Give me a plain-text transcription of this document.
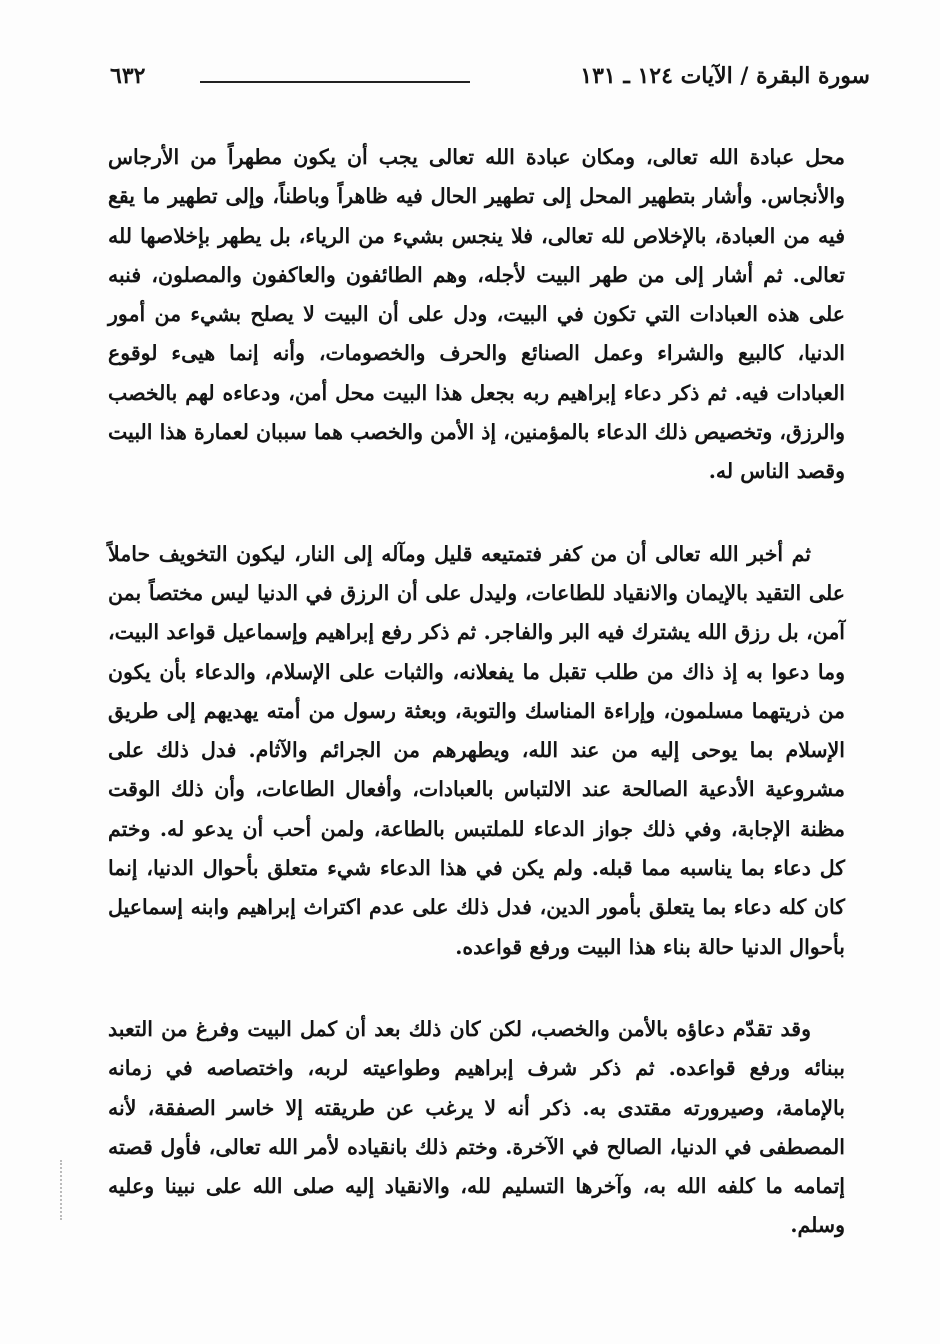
سورة البقرة / الآيات ١٢٤ ـ ١٣١
٦٣٢

محل عبادة الله تعالى، ومكان عبادة الله تعالى يجب أن يكون مطهراً من الأرجاس والأنجاس. وأشار بتطهير المحل إلى تطهير الحال فيه ظاهراً وباطناً، وإلى تطهير ما يقع فيه من العبادة، بالإخلاص لله تعالى، فلا ينجس بشيء من الرياء، بل يطهر بإخلاصها لله تعالى. ثم أشار إلى من طهر البيت لأجله، وهم الطائفون والعاكفون والمصلون، فنبه على هذه العبادات التي تكون في البيت، ودل على أن البيت لا يصلح بشيء من أمور الدنيا، كالبيع والشراء وعمل الصنائع والحرف والخصومات، وأنه إنما هيىء لوقوع العبادات فيه. ثم ذكر دعاء إبراهيم ربه بجعل هذا البيت محل أمن، ودعاءه لهم بالخصب والرزق، وتخصيص ذلك الدعاء بالمؤمنين، إذ الأمن والخصب هما سببان لعمارة هذا البيت وقصد الناس له.

ثم أخبر الله تعالى أن من كفر فتمتيعه قليل ومآله إلى النار، ليكون التخويف حاملاً على التقيد بالإيمان والانقياد للطاعات، وليدل على أن الرزق في الدنيا ليس مختصاً بمن آمن، بل رزق الله يشترك فيه البر والفاجر. ثم ذكر رفع إبراهيم وإسماعيل قواعد البيت، وما دعوا به إذ ذاك من طلب تقبل ما يفعلانه، والثبات على الإسلام، والدعاء بأن يكون من ذريتهما مسلمون، وإراءة المناسك والتوبة، وبعثة رسول من أمته يهديهم إلى طريق الإسلام بما يوحى إليه من عند الله، ويطهرهم من الجرائم والآثام. فدل ذلك على مشروعية الأدعية الصالحة عند الالتباس بالعبادات، وأفعال الطاعات، وأن ذلك الوقت مظنة الإجابة، وفي ذلك جواز الدعاء للملتبس بالطاعة، ولمن أحب أن يدعو له. وختم كل دعاء بما يناسبه مما قبله. ولم يكن في هذا الدعاء شيء متعلق بأحوال الدنيا، إنما كان كله دعاء بما يتعلق بأمور الدين، فدل ذلك على عدم اكتراث إبراهيم وابنه إسماعيل بأحوال الدنيا حالة بناء هذا البيت ورفع قواعده.

وقد تقدّم دعاؤه بالأمن والخصب، لكن كان ذلك بعد أن كمل البيت وفرغ من التعبد ببنائه ورفع قواعده. ثم ذكر شرف إبراهيم وطواعيته لربه، واختصاصه في زمانه بالإمامة، وصيرورته مقتدى به. ذكر أنه لا يرغب عن طريقته إلا خاسر الصفقة، لأنه المصطفى في الدنيا، الصالح في الآخرة. وختم ذلك بانقياده لأمر الله تعالى، فأول قصته إتمامه ما كلفه الله به، وآخرها التسليم لله، والانقياد إليه صلى الله على نبينا وعليه وسلم.
